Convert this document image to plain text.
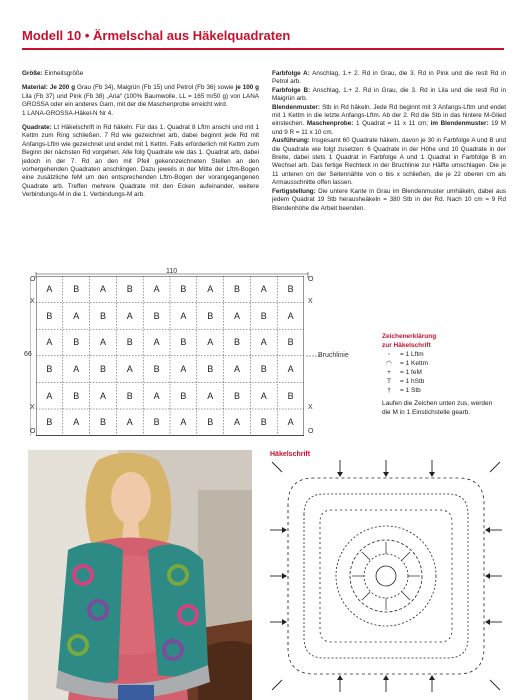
Modell 10 • Ärmelschal aus Häkelquadraten

Größe: Einheitsgröße

Material: Je 200 g Grau (Fb 34), Maigrün (Fb 15) und Petrol (Fb 36) sowie je 100 g Lila (Fb 37) und Pink (Fb 38) „Aria“ (100% Baumwolle, LL = 165 m/50 g) von LANA GROSSA oder ein anderes Garn, mit der die Maschenprobe erreicht wird.
1 LANA-GROSSA-Häkel-N Nr 4.

Quadrate: Lt Häkelschrift in Rd häkeln. Für das 1. Quadrat 8 Lftm anschl und mit 1 Kettm zum Ring schließen. 7 Rd wie gezeichnet arb, dabei beginnt jede Rd mit Anfangs-Lftm wie gezeichnet und endet mit 1 Kettm. Falls erforderlich mit Kettm zum Beginn der nächsten Rd vorgehen. Alle folg Quadrate wie das 1. Quadrat arb, dabei jedoch in der 7. Rd an den mit Pfeil gekennzeichneten Stellen an den vorhergehenden Quadraten anschlingen. Dazu jeweils in der Mitte der Lftm-Bogen eine zusätzliche feM um den entsprechenden Lftm-Bogen der vorangegangenen Quadrate arb. Treffen mehrere Quadrate mit den Ecken aufeinander, weitere Verbindungs-M in die 1. Verbindungs-M arb.

Farbfolge A: Anschlag, 1.+ 2. Rd in Grau, die 3. Rd in Pink und die restl Rd in Petrol arb.
Farbfolge B: Anschlag, 1.+ 2. Rd in Grau, die 3. Rd in Lila und die restl Rd in Maigrün arb.
Blendenmuster: Stb in Rd häkeln. Jede Rd beginnt mit 3 Anfangs-Lftm und endet mit 1 Kettm in die letzte Anfangs-Lftm. Ab der 2. Rd die Stb in das hintere M-Glied einstechen. Maschenprobe: 1 Quadrat = 11 x 11 cm; im Blendenmuster: 19 M und 9 R = 11 x 10 cm.
Ausführung: Insgesamt 60 Quadrate häkeln, davon je 30 in Farbfolge A und B und die Quadrate wie folgt zusetzen: 6 Quadrate in der Höhe und 10 Quadrate in der Breite, dabei stets 1 Quadrat in Farbfolge A und 1 Quadrat in Farbfolge B im Wechsel arb. Das fertige Rechteck in der Bruchlinie zur Hälfte umschlagen. Die je 11 unteren cm der Seitennähte von o bis x schließen, die je 22 oberen cm als Armausschnitte offen lassen.
Fertigstellung: Die untere Kante in Grau im Blendenmuster umhäkeln, dabei aus jedem Quadrat 19 Stb herausheäkeln = 380 Stb in der Rd. Nach 10 cm = 9 Rd Blendenhöhe die Arbeit beenden.
110
66
A	B	A	B	A	B	A	B	A	B
B	A	B	A	B	A	B	A	B	A
A	B	A	B	A	B	A	B	A	B
B	A	B	A	B	A	B	A	B	A
A	B	A	B	A	B	A	B	A	B
B	A	B	A	B	A	B	A	B	A
Bruchlinie
O
X
X
O
O
X
X
O
Zeichenerklärung
zur Häkelschrift
◦	= 1 Lftm
◠	= 1 Kettm
+	= 1 feM
T	= 1 hStb
†	= 1 Stb
Laufen die Zeichen unten zus, werden die M in 1 Einstichstelle gearb.
Häkelschrift
